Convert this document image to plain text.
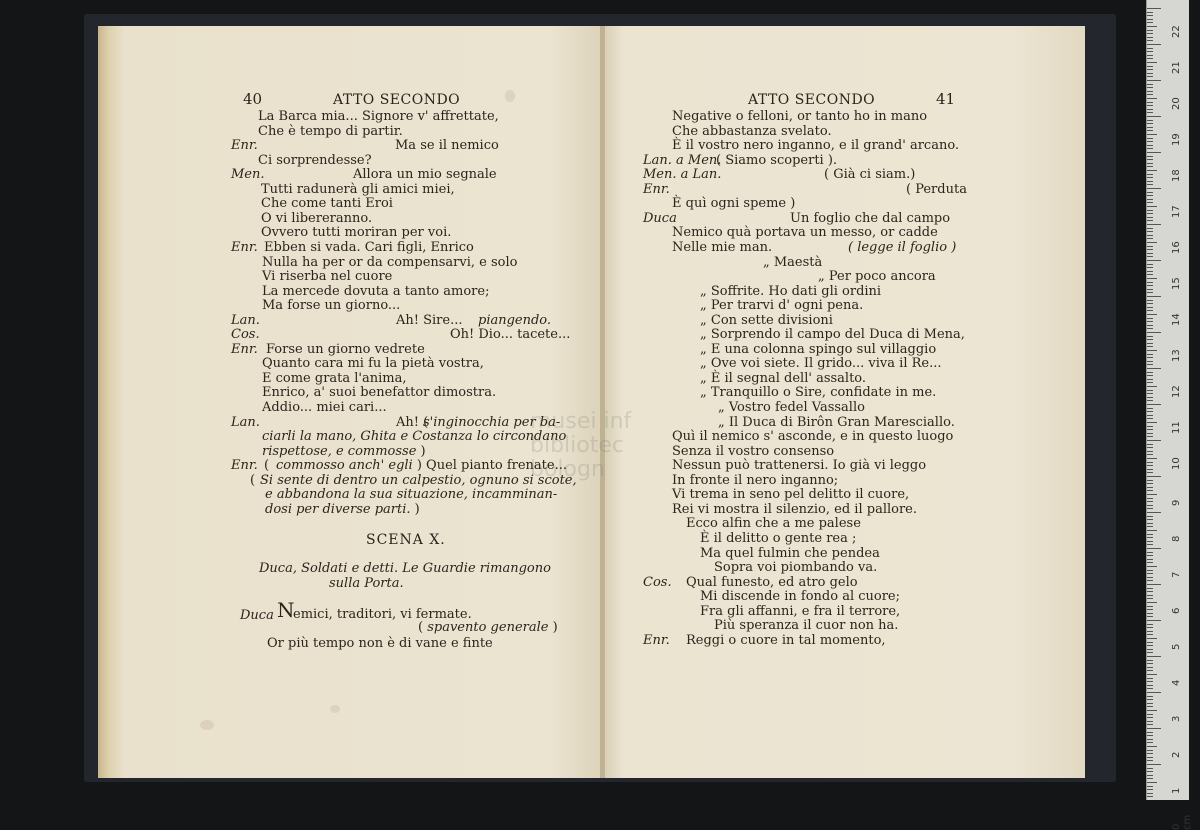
musei inf
bibliotec
bologn
40	ATTO SECONDO	ATTO SECONDO	41
La Barca mia... Signore v' affrettate,
Che è tempo di partir.
Enr.	Ma se il nemico
Ci sorprendesse?
Men.	Allora un mio segnale
Tutti radunerà gli amici miei,
Che come tanti Eroi
O vi libereranno.
Ovvero tutti moriran per voi.
Enr. Ebben si vada. Cari figli, Enrico
Nulla ha per or da compensarvi, e solo
Vi riserba nel cuore
La mercede dovuta a tanto amore;
Ma forse un giorno...
Lan.	Ah! Sire... piangendo.
Cos.	Oh! Dio... tacete...
Enr. Forse un giorno vedrete
Quanto cara mi fu la pietà vostra,
E come grata l'anima,
Enrico, a' suoi benefattor dimostra.
Addio... miei cari...
Lan.	Ah! (
s'inginocchia per ba-
ciarli la mano, Ghita e Costanza lo circondano
rispettose, e commosse )
Enr. ( commosso anch' egli ) Quel pianto frenate...
( Si sente di dentro un calpestio, ognuno si scote,
e abbandona la sua situazione, incamminan-
dosi per diverse parti. )
Negative o felloni, or tanto ho in mano
Che abbastanza svelato.
È il vostro nero inganno, e il grand' arcano.
Lan. a Men.
( Siamo scoperti ).
Men. a Lan.	( Già ci siam.)
Enr.	( Perduta
È quì ogni speme )
Duca	Un foglio che dal campo
Nemico quà portava un messo, or cadde
Nelle mie man.	( legge il foglio )
„ Maestà
„ Per poco ancora
„ Soffrite. Ho dati gli ordini
„ Per trarvi d' ogni pena.
„ Con sette divisioni
„ Sorprendo il campo del Duca di Mena,
„ E una colonna spingo sul villaggio
„ Ove voi siete. Il grido... viva il Re...
„ È il segnal dell' assalto.
„ Tranquillo o Sire, confidate in me.
„ Vostro fedel Vassallo
„ Il Duca di Birôn Gran Maresciallo.
Quì il nemico s' asconde, e in questo luogo
Senza il vostro consenso
Nessun può trattenersi. Io già vi leggo
In fronte il nero inganno;
Vi trema in seno pel delitto il cuore,
Rei vi mostra il silenzio, ed il pallore.
Ecco alfin che a me palese
È il delitto o gente rea ;
Ma quel fulmin che pendea
Sopra voi piombando va.
Cos. Qual funesto, ed atro gelo
Mi discende in fondo al cuore;
Fra gli affanni, e fra il terrore,
Più speranza il cuor non ha.
Enr. Reggi o cuore in tal momento,
SCENA X.
Duca, Soldati e detti. Le Guardie rimangono
sulla Porta.
Duca N
emici, traditori, vi fermate.
( spavento generale )
Or più tempo non è di vane e finte
22
21
20
19
18
17
16
15
14
13
12
11
10
9
8
7
6
5
4
3
2
1
0 cm
